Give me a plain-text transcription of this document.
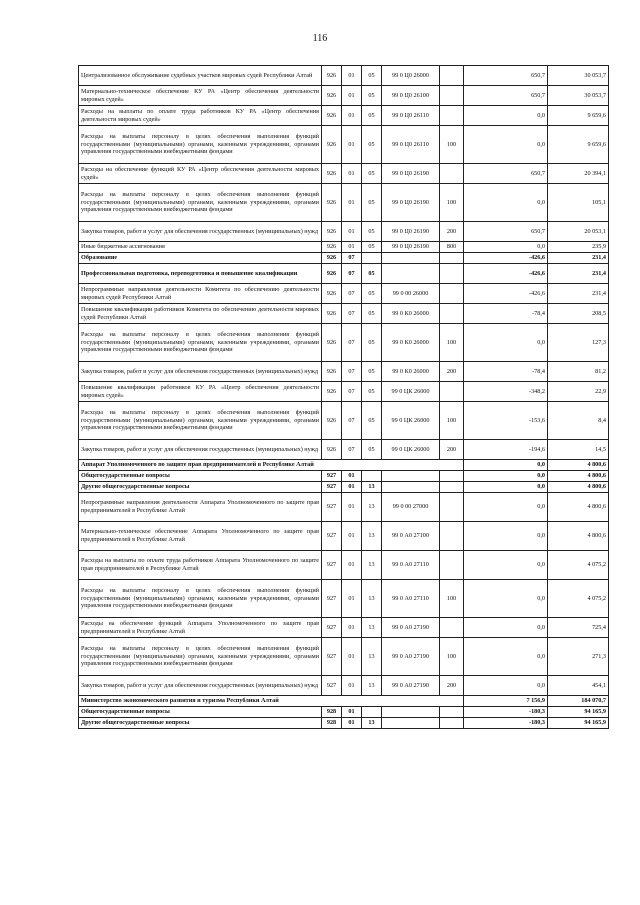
116
Централизованное обслуживание судебных участков мировых судей Республики Алтай	926	01	05	99 0 Ц0 26000		650,7	30 053,7
Материально-техническое обеспечение КУ РА «Центр обеспечения деятельности мировых судей»	926	01	05	99 0 Ц0 26100		650,7	30 053,7
Расходы на выплаты по оплате труда работников КУ РА «Центр обеспечения деятельности мировых судей»	926	01	05	99 0 Ц0 26110		0,0	9 659,6
Расходы на выплаты персоналу в целях обеспечения выполнения функций государственными (муниципальными) органами, казенными учреждениями, органами управления государственными внебюджетными фондами	926	01	05	99 0 Ц0 26110	100	0,0	9 659,6
Расходы на обеспечение функций КУ РА «Центр обеспечения деятельности мировых судей»	926	01	05	99 0 Ц0 26190		650,7	20 394,1
Расходы на выплаты персоналу в целях обеспечения выполнения функций государственными (муниципальными) органами, казенными учреждениями, органами управления государственными внебюджетными фондами	926	01	05	99 0 Ц0 26190	100	0,0	105,1
Закупка товаров, работ и услуг для обеспечения государственных (муниципальных) нужд	926	01	05	99 0 Ц0 26190	200	650,7	20 053,1
Иные бюджетные ассигнования	926	01	05	99 0 Ц0 26190	800	0,0	235,9
Образование	926	07				-426,6	231,4
Профессиональная подготовка, переподготовка и повышение квалификации	926	07	05			-426,6	231,4
Непрограммные направления деятельности Комитета по обеспечению деятельности мировых судей Республики Алтай	926	07	05	99 0 00 26000		-426,6	231,4
Повышение квалификации работников Комитета по обеспечению деятельности мировых судей Республики Алтай	926	07	05	99 0 К0 26000		-78,4	208,5
Расходы на выплаты персоналу в целях обеспечения выполнения функций государственными (муниципальными) органами, казенными учреждениями, органами управления государственными внебюджетными фондами	926	07	05	99 0 К0 26000	100	0,0	127,3
Закупка товаров, работ и услуг для обеспечения государственных (муниципальных) нужд	926	07	05	99 0 К0 26000	200	-78,4	81,2
Повышение квалификации работников КУ РА «Центр обеспечения деятельности мировых судей»	926	07	05	99 0 ЦК 26000		-348,2	22,9
Расходы на выплаты персоналу в целях обеспечения выполнения функций государственными (муниципальными) органами, казенными учреждениями, органами управления государственными внебюджетными фондами	926	07	05	99 0 ЦК 26000	100	-153,6	8,4
Закупка товаров, работ и услуг для обеспечения государственных (муниципальных) нужд	926	07	05	99 0 ЦК 26000	200	-194,6	14,5
Аппарат Уполномоченного по защите прав предпринимателей в Республике Алтай						0,0	4 800,6
Общегосударственные вопросы	927	01				0,0	4 800,6
Другие общегосударственные вопросы	927	01	13			0,0	4 800,6
Непрограммные направления деятельности Аппарата Уполномоченного по защите прав предпринимателей в Республике Алтай	927	01	13	99 0 00 27000		0,0	4 800,6
Материально-техническое обеспечение Аппарата Уполномоченного по защите прав предпринимателей в Республике Алтай	927	01	13	99 0 А0 27100		0,0	4 800,6
Расходы на выплаты по оплате труда работников Аппарата Уполномоченного по защите прав предпринимателей в Республике Алтай	927	01	13	99 0 А0 27110		0,0	4 075,2
Расходы на выплаты персоналу в целях обеспечения выполнения функций государственными (муниципальными) органами, казенными учреждениями, органами управления государственными внебюджетными фондами	927	01	13	99 0 А0 27110	100	0,0	4 075,2
Расходы на обеспечение функций Аппарата Уполномоченного по защите прав предпринимателей в Республике Алтай	927	01	13	99 0 А0 27190		0,0	725,4
Расходы на выплаты персоналу в целях обеспечения выполнения функций государственными (муниципальными) органами, казенными учреждениями, органами управления государственными внебюджетными фондами	927	01	13	99 0 А0 27190	100	0,0	271,3
Закупка товаров, работ и услуг для обеспечения государственных (муниципальных) нужд	927	01	13	99 0 А0 27190	200	0,0	454,1
Министерство экономического развития и туризма Республики Алтай						7 156,9	184 070,7
Общегосударственные вопросы	928	01				-180,3	94 165,9
Другие общегосударственные вопросы	928	01	13			-180,3	94 165,9
